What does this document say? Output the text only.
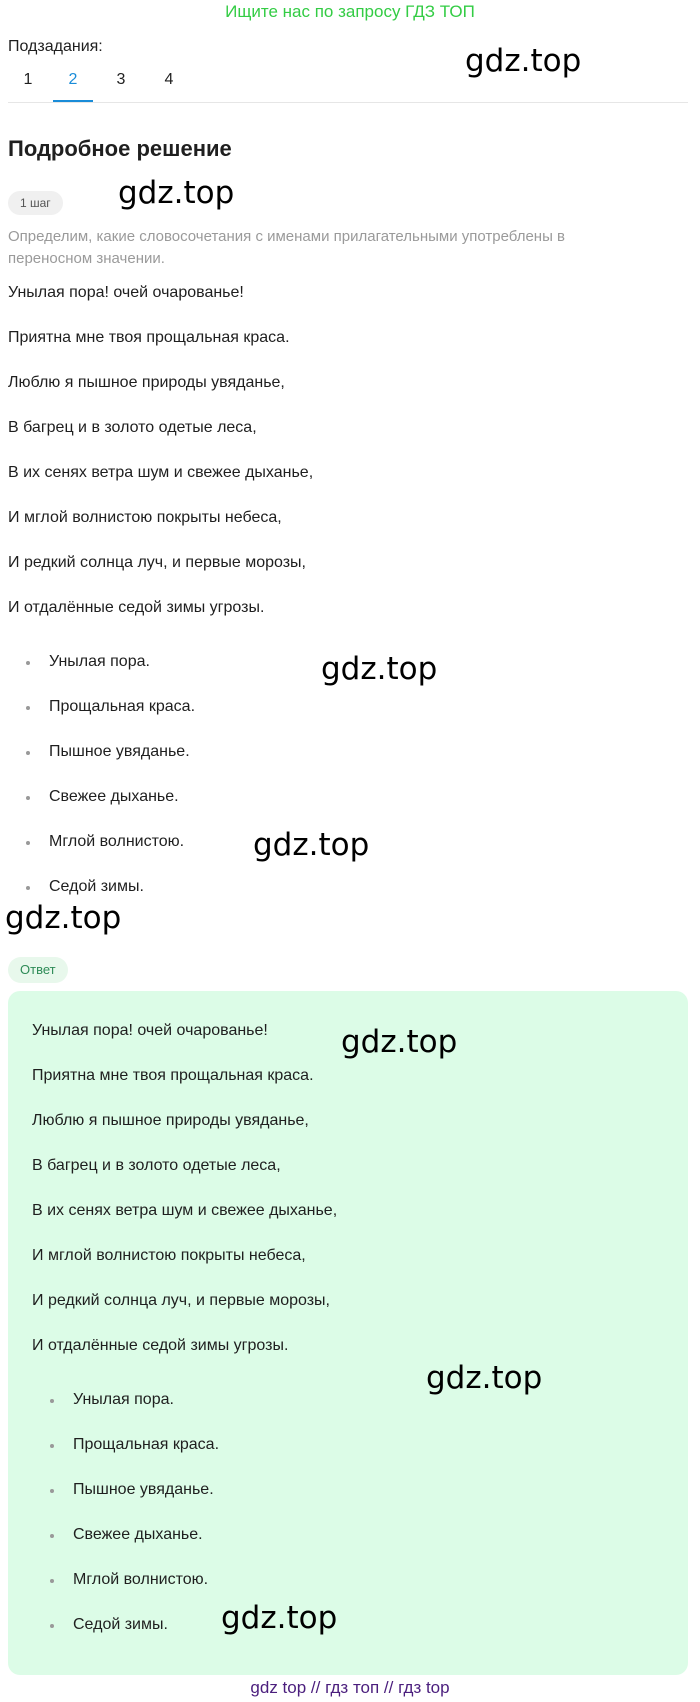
Ищите нас по запросу ГДЗ ТОП
Подзадания:
1	2	3	4
gdz.top
Подробное решение
1 шаг	gdz.top
Определим, какие словосочетания с именами прилагательными употреблены в переносном значении.
Унылая пора! очей очарованье!
Приятна мне твоя прощальная краса.
Люблю я пышное природы увяданье,
В багрец и в золото одетые леса,
В их сенях ветра шум и свежее дыханье,
И мглой волнистою покрыты небеса,
И редкий солнца луч, и первые морозы,
И отдалённые седой зимы угрозы.
Унылая пора.
Прощальная краса.
Пышное увяданье.
Свежее дыханье.
Мглой волнистою.
Седой зимы.
gdz.top
gdz.top
gdz.top
Ответ
Унылая пора! очей очарованье!
Приятна мне твоя прощальная краса.
Люблю я пышное природы увяданье,
В багрец и в золото одетые леса,
В их сенях ветра шум и свежее дыханье,
И мглой волнистою покрыты небеса,
И редкий солнца луч, и первые морозы,
И отдалённые седой зимы угрозы.
Унылая пора.
Прощальная краса.
Пышное увяданье.
Свежее дыханье.
Мглой волнистою.
Седой зимы.
gdz.top
gdz.top
gdz.top
gdz top // гдз топ // гдз top
